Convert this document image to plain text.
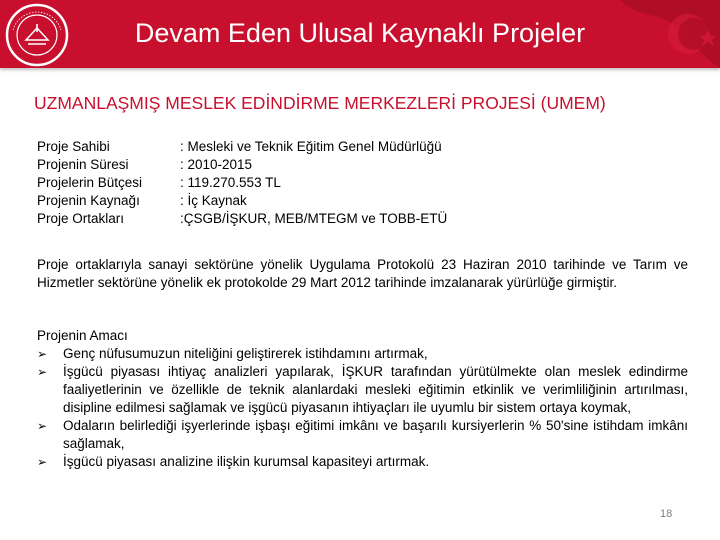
Devam Eden Ulusal Kaynaklı Projeler
UZMANLAŞMIŞ MESLEK EDİNDİRME MERKEZLERİ PROJESİ (UMEM)
Proje Sahibi	: Mesleki ve Teknik Eğitim Genel Müdürlüğü
Projenin Süresi	: 2010-2015
Projelerin Bütçesi	: 119.270.553 TL
Projenin Kaynağı	: İç Kaynak
Proje Ortakları	:ÇSGB/İŞKUR, MEB/MTEGM ve TOBB-ETÜ
Proje ortaklarıyla sanayi sektörüne yönelik Uygulama Protokolü 23 Haziran 2010 tarihinde ve Tarım ve Hizmetler sektörüne yönelik ek protokolde 29 Mart 2012 tarihinde imzalanarak yürürlüğe girmiştir.
Projenin Amacı
➢	Genç nüfusumuzun niteliğini geliştirerek istihdamını artırmak,
➢	İşgücü piyasası ihtiyaç analizleri yapılarak, İŞKUR tarafından yürütülmekte olan meslek edindirme faaliyetlerinin ve özellikle de teknik alanlardaki mesleki eğitimin etkinlik ve verimliliğinin artırılması, disipline edilmesi sağlamak ve işgücü piyasanın ihtiyaçları ile uyumlu bir sistem ortaya koymak,
➢	Odaların belirlediği işyerlerinde işbaşı eğitimi imkânı ve başarılı kursiyerlerin % 50'sine istihdam imkânı sağlamak,
➢	İşgücü piyasası analizine ilişkin kurumsal kapasiteyi artırmak.
18
